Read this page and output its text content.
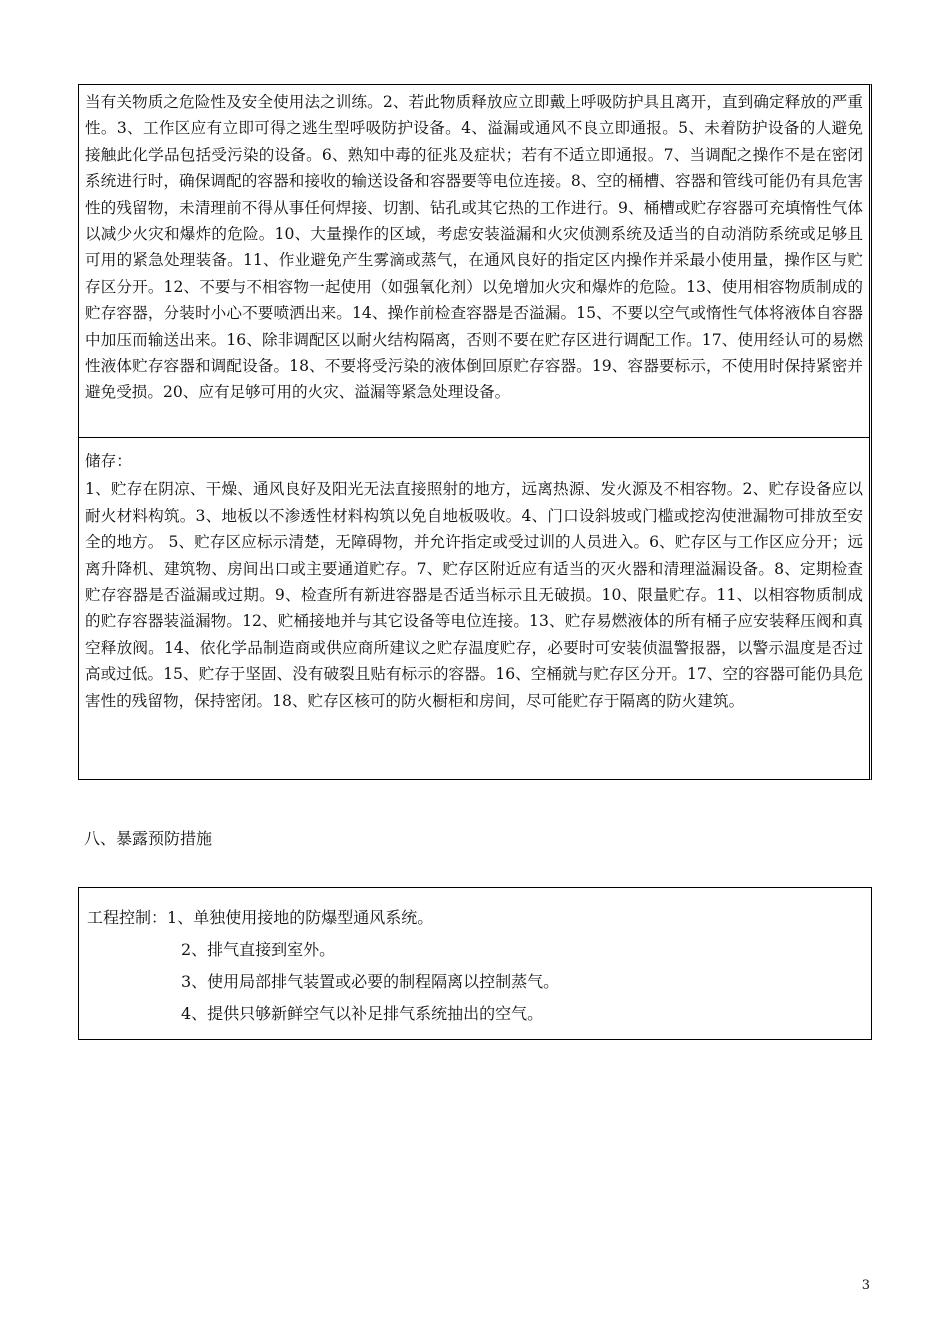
当有关物质之危险性及安全使用法之训练。2、若此物质释放应立即戴上呼吸防护具且离开，直到确定释放的严重性。3、工作区应有立即可得之逃生型呼吸防护设备。4、溢漏或通风不良立即通报。5、未着防护设备的人避免接触此化学品包括受污染的设备。6、熟知中毒的征兆及症状；若有不适立即通报。7、当调配之操作不是在密闭系统进行时，确保调配的容器和接收的输送设备和容器要等电位连接。8、空的桶槽、容器和管线可能仍有具危害性的残留物，未清理前不得从事任何焊接、切割、钻孔或其它热的工作进行。9、桶槽或贮存容器可充填惰性气体以减少火灾和爆炸的危险。10、大量操作的区域，考虑安装溢漏和火灾侦测系统及适当的自动消防系统或足够且可用的紧急处理装备。11、作业避免产生雾滴或蒸气，在通风良好的指定区内操作并采最小使用量，操作区与贮存区分开。12、不要与不相容物一起使用（如强氧化剂）以免增加火灾和爆炸的危险。13、使用相容物质制成的贮存容器，分装时小心不要喷洒出来。14、操作前检查容器是否溢漏。15、不要以空气或惰性气体将液体自容器中加压而输送出来。16、除非调配区以耐火结构隔离，否则不要在贮存区进行调配工作。17、使用经认可的易燃性液体贮存容器和调配设备。18、不要将受污染的液体倒回原贮存容器。19、容器要标示，不使用时保持紧密并避免受损。20、应有足够可用的火灾、溢漏等紧急处理设备。
储存：
1、贮存在阴凉、干燥、通风良好及阳光无法直接照射的地方，远离热源、发火源及不相容物。2、贮存设备应以耐火材料构筑。3、地板以不渗透性材料构筑以免自地板吸收。4、门口设斜坡或门槛或挖沟使泄漏物可排放至安全的地方。 5、贮存区应标示清楚，无障碍物，并允许指定或受过训的人员进入。6、贮存区与工作区应分开；远离升降机、建筑物、房间出口或主要通道贮存。7、贮存区附近应有适当的灭火器和清理溢漏设备。8、定期检查贮存容器是否溢漏或过期。9、检查所有新进容器是否适当标示且无破损。10、限量贮存。11、以相容物质制成的贮存容器装溢漏物。12、贮桶接地并与其它设备等电位连接。13、贮存易燃液体的所有桶子应安装释压阀和真空释放阀。14、依化学品制造商或供应商所建议之贮存温度贮存，必要时可安装侦温警报器，以警示温度是否过高或过低。15、贮存于坚固、没有破裂且贴有标示的容器。16、空桶就与贮存区分开。17、空的容器可能仍具危害性的残留物，保持密闭。18、贮存区核可的防火橱柜和房间，尽可能贮存于隔离的防火建筑。
八、暴露预防措施
工程控制：1、单独使用接地的防爆型通风系统。
2、排气直接到室外。
3、使用局部排气装置或必要的制程隔离以控制蒸气。
4、提供只够新鲜空气以补足排气系统抽出的空气。
3
